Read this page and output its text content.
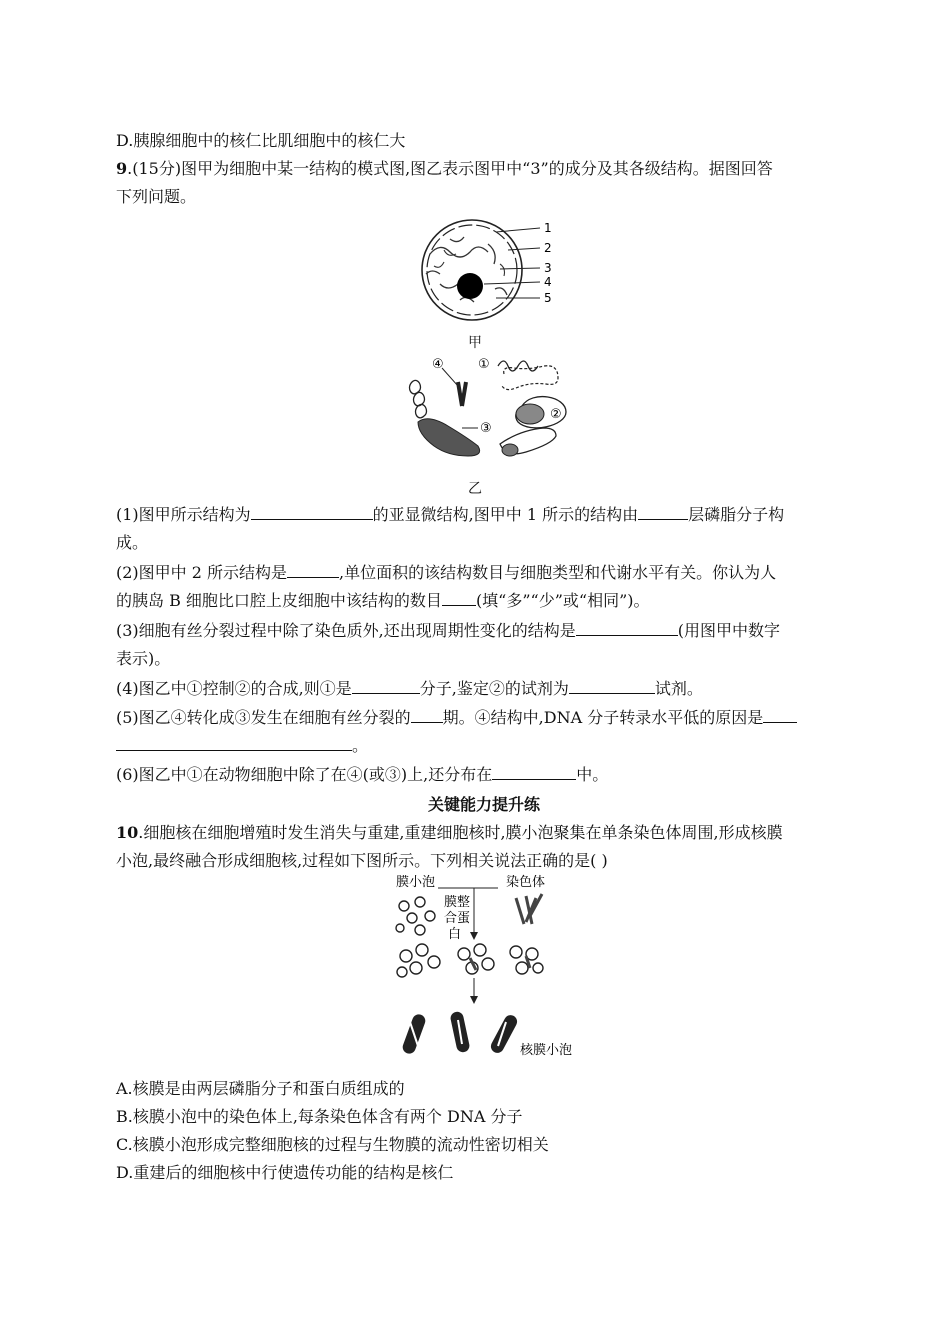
D.胰腺细胞中的核仁比肌细胞中的核仁大
9.(15分)图甲为细胞中某一结构的模式图,图乙表示图甲中“3”的成分及其各级结构。据图回答
下列问题。
1
2
3
4
5
甲
④	①
②
③
乙
(1)图甲所示结构为	的亚显微结构,图甲中 1 所示的结构由	层磷脂分子构
成。
(2)图甲中 2 所示结构是	,单位面积的该结构数目与细胞类型和代谢水平有关。你认为人
的胰岛 B 细胞比口腔上皮细胞中该结构的数目 (填“多”“少”或“相同”)。
(3)细胞有丝分裂过程中除了染色质外,还出现周期性变化的结构是	(用图甲中数字
表示)。
(4)图乙中①控制②的合成,则①是	分子,鉴定②的试剂为	试剂。
(5)图乙④转化成③发生在细胞有丝分裂的 期。④结构中,DNA 分子转录水平低的原因是
。
(6)图乙中①在动物细胞中除了在④(或③)上,还分布在	中。
关键能力提升练
10.细胞核在细胞增殖时发生消失与重建,重建细胞核时,膜小泡聚集在单条染色体周围,形成核膜
小泡,最终融合形成细胞核,过程如下图所示。下列相关说法正确的是( )
膜小泡	染色体
膜整
合蛋
白
核膜小泡
A.核膜是由两层磷脂分子和蛋白质组成的
B.核膜小泡中的染色体上,每条染色体含有两个 DNA 分子
C.核膜小泡形成完整细胞核的过程与生物膜的流动性密切相关
D.重建后的细胞核中行使遗传功能的结构是核仁
